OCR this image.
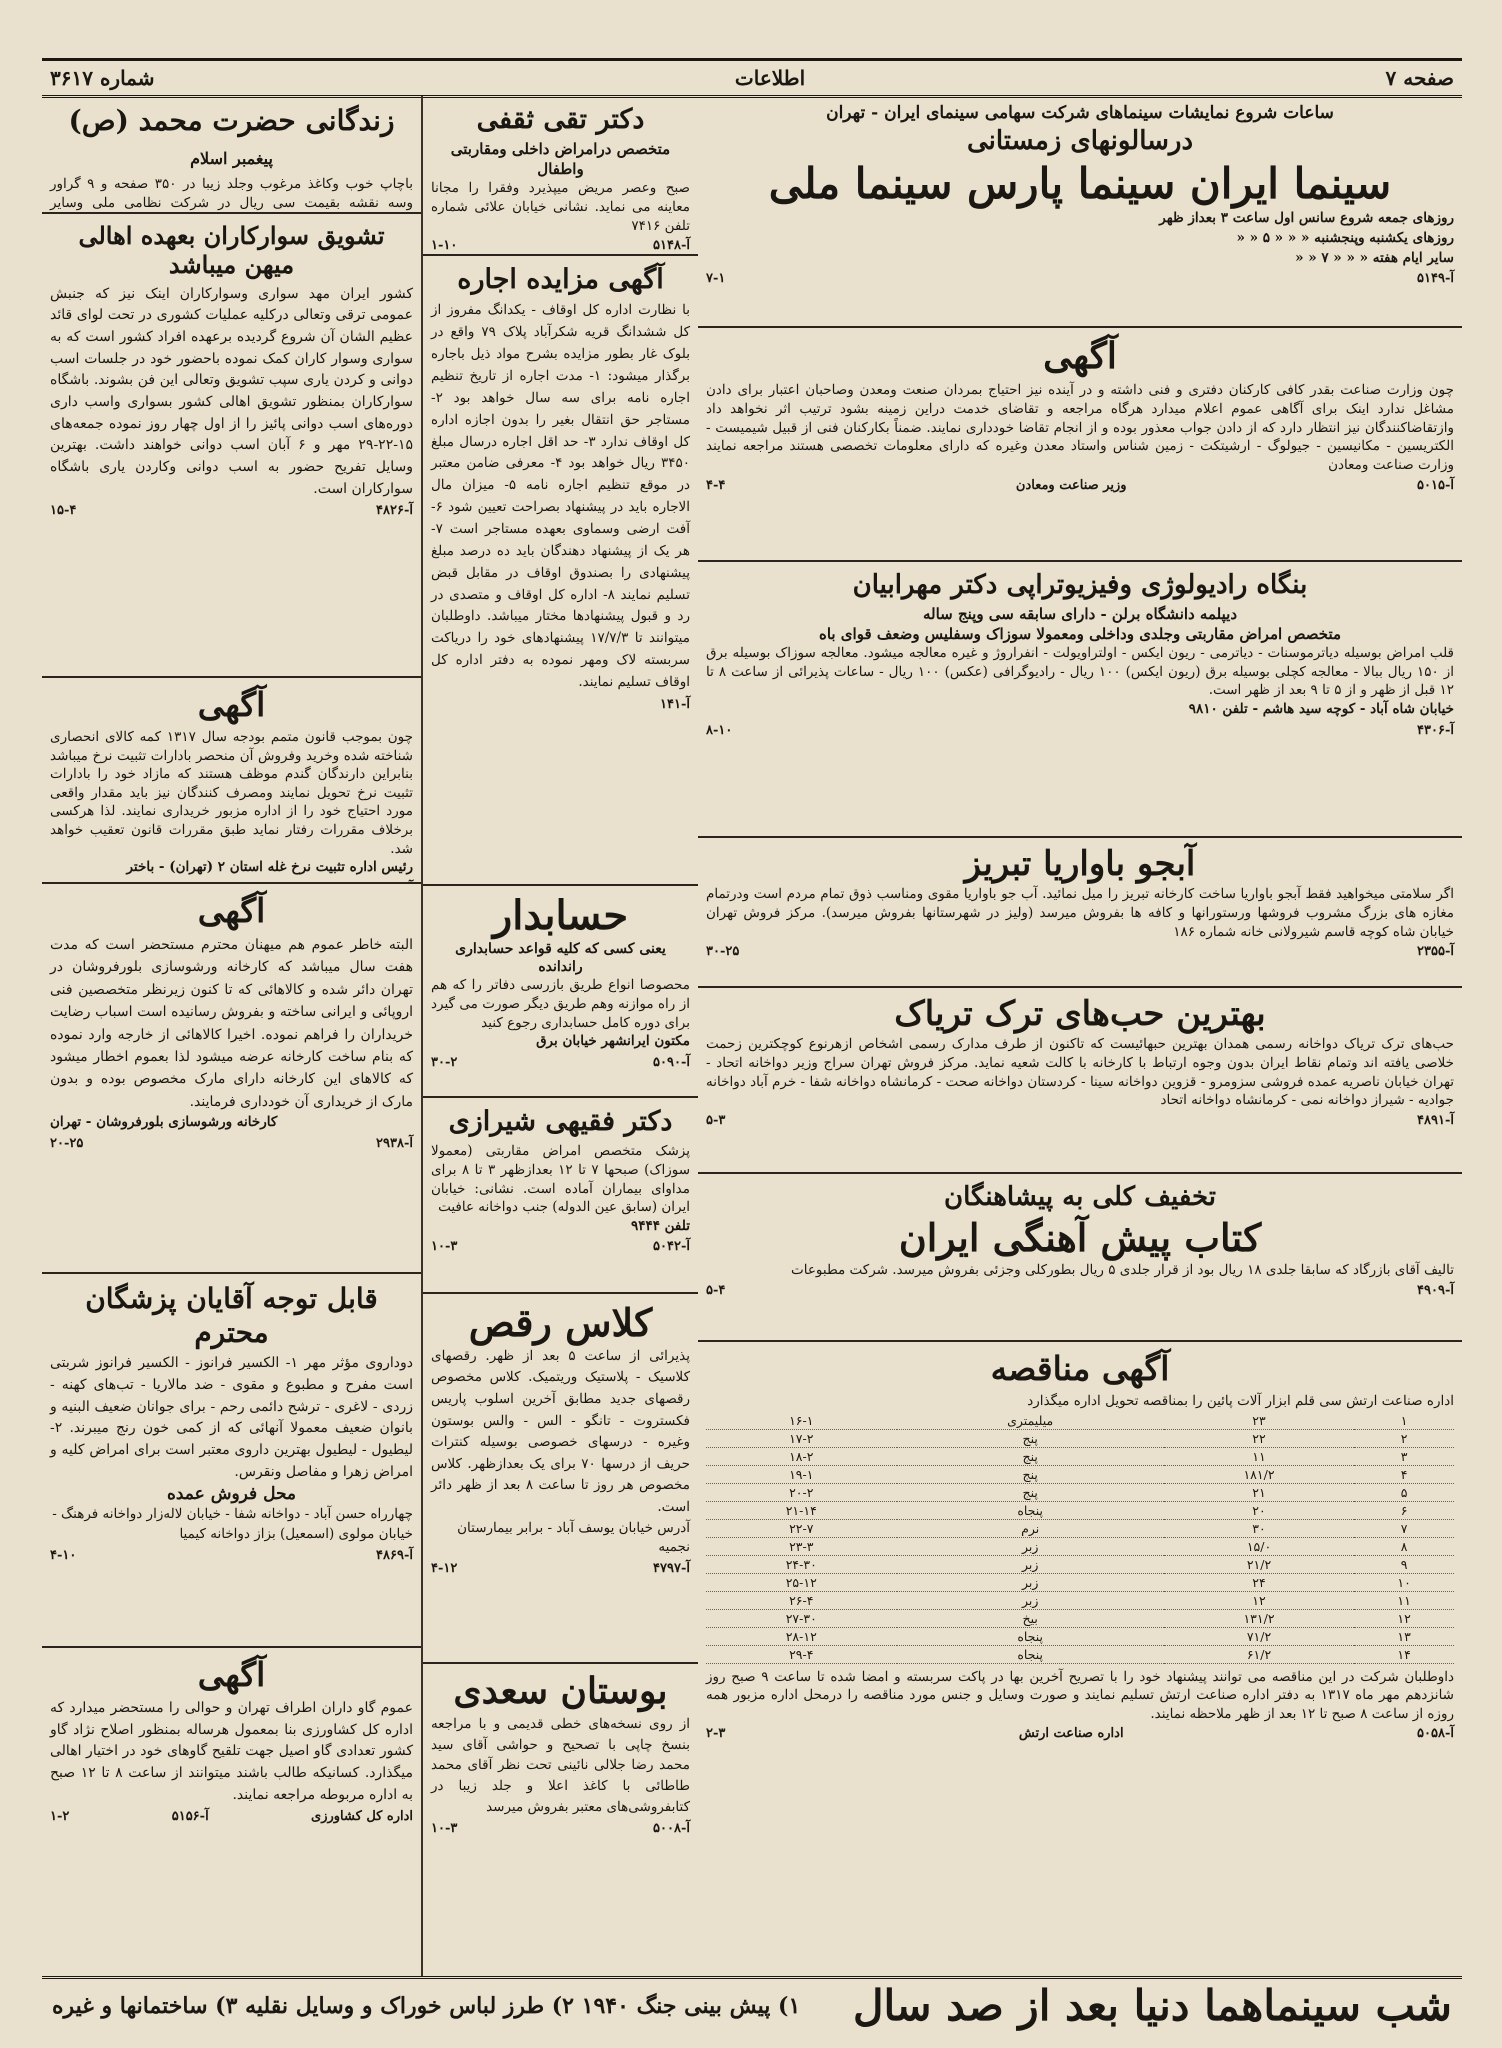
صفحه ۷
اطلاعات
شماره ۳۶۱۷
زندگانی حضرت محمد (ص) پیغمبر اسلام
باچاپ خوب وکاغذ مرغوب وجلد زیبا در ۳۵۰ صفحه و ۹ گراور وسه نقشه بقیمت سی ریال در شرکت نظامی ملی وسایر
تشویق سوارکاران بعهده اهالی میهن میباشد
کشور ایران مهد سواری وسوارکاران اینک نیز که جنبش عمومی ترقی وتعالی درکلیه عملیات کشوری در تحت لوای قائد عظیم الشان آن شروع گردیده برعهده افراد کشور است که به سواری وسوار کاران کمک نموده باحضور خود در جلسات اسب دوانی و کردن یاری سپب تشویق وتعالی این فن بشوند. باشگاه سوارکاران بمنظور تشویق اهالی کشور بسواری واسب داری دوره‌های اسب دوانی پائیز را از اول چهار روز نموده جمعه‌های ۱۵-۲۲-۲۹ مهر و ۶ آبان اسب دوانی خواهند داشت. بهترین وسایل تفریح حضور به اسب دوانی وکاردن یاری باشگاه سوارکاران است.
آ-۴۸۲۶
۱۵-۴
آگهی
چون بموجب قانون متمم بودجه سال ۱۳۱۷ کمه کالای انحصاری شناخته شده وخرید وفروش آن منحصر بادارات تثبیت نرخ میباشد بنابراین دارندگان گندم موظف هستند که مازاد خود را بادارات تثبیت نرخ تحویل نمایند ومصرف کنندگان نیز باید مقدار واقعی مورد احتیاج خود را از اداره مزبور خریداری نمایند. لذا هرکسی برخلاف مقررات رفتار نماید طبق مقررات قانون تعقیب خواهد شد.
رئیس اداره تثبیت نرخ غله استان ۲ (تهران) - باختر
آگهی
البته خاطر عموم هم میهنان محترم مستحضر است که مدت هفت سال میباشد که کارخانه ورشوسازی بلورفروشان در تهران دائر شده و کالاهائی که تا کنون زیرنظر متخصصین فنی اروپائی و ایرانی ساخته و بفروش رسانیده است اسباب رضایت خریداران را فراهم نموده. اخیرا کالاهائی از خارجه وارد نموده که بنام ساخت کارخانه عرضه میشود لذا بعموم اخطار میشود که کالاهای این کارخانه دارای مارک مخصوص بوده و بدون مارک از خریداری آن خودداری فرمایند.
کارخانه ورشوسازی بلورفروشان - تهران
آ-۲۹۳۸
۲۰-۲۵
قابل توجه آقایان پزشگان محترم
دوداروی مؤثر مهر ۱- الکسیر فرانوز - الکسیر فرانوز شربتی است مفرح و مطبوع و مقوی - ضد مالاریا - تب‌های کهنه - زردی - لاغری - ترشح دائمی رحم - برای جوانان ضعیف البنیه و بانوان ضعیف معمولا آنهائی که از کمی خون رنج میبرند. ۲- لیطیول - لیطیول بهترین داروی معتبر است برای امراض کلیه و امراض زهرا و مفاصل ونقرس.
محل فروش عمده
چهارراه حسن آباد - دواخانه شفا - خیابان لاله‌زار دواخانه فرهنگ - خیابان مولوی (اسمعیل) بزاز دواخانه کیمیا
آ-۴۸۶۹
۴-۱۰
آگهی
عموم گاو داران اطراف تهران و حوالی را مستحضر میدارد که اداره کل کشاورزی بنا بمعمول هرساله بمنظور اصلاح نژاد گاو کشور تعدادی گاو اصیل جهت تلقیح گاوهای خود در اختیار اهالی میگذارد. کسانیکه طالب باشند میتوانند از ساعت ۸ تا ۱۲ صبح به اداره مربوطه مراجعه نمایند.
اداره کل کشاورزی
آ-۵۱۵۶
۱-۲
دکتر تقی ثقفی
متخصص درامراض داخلی ومقاربتی واطفال
صبح وعصر مریض میپذیرد وفقرا را مجانا معاینه می نماید. نشانی خیابان علائی شماره تلفن ۷۴۱۶
آ-۵۱۴۸
۱-۱۰
آگهی مزایده اجاره
با نظارت اداره کل اوقاف - یکدانگ مفروز از کل ششدانگ قریه شکرآباد پلاک ۷۹ واقع در بلوک غار بطور مزایده بشرح مواد ذیل باجاره برگذار میشود: ۱- مدت اجاره از تاریخ تنظیم اجاره نامه برای سه سال خواهد بود ۲- مستاجر حق انتقال بغیر را بدون اجازه اداره کل اوقاف ندارد ۳- حد اقل اجاره درسال مبلغ ۳۴۵۰ ریال خواهد بود ۴- معرفی ضامن معتبر در موقع تنظیم اجاره نامه ۵- میزان مال الاجاره باید در پیشنهاد بصراحت تعیین شود ۶- آفت ارضی وسماوی بعهده مستاجر است ۷- هر یک از پیشنهاد دهندگان باید ده درصد مبلغ پیشنهادی را بصندوق اوقاف در مقابل قبض تسلیم نمایند ۸- اداره کل اوقاف و متصدی در رد و قبول پیشنهادها مختار میباشد. داوطلبان میتوانند تا ۱۷/۷/۳ پیشنهادهای خود را دریاکت سربسته لاک ومهر نموده به دفتر اداره کل اوقاف تسلیم نمایند.
آ-۱۴۱
حسابدار
یعنی کسی که کلیه قواعد حسابداری راندانده
محصوصا انواع طریق بازرسی دفاتر را که هم از راه موازنه وهم طریق دیگر صورت می گیرد برای دوره کامل حسابداری رجوع کنید
مکتون ایرانشهر خیابان برق
آ-۵۰۹۰
۳۰-۲
دکتر فقیهی شیرازی
پزشک متخصص امراض مقاربتی (معمولا سوزاک) صبحها ۷ تا ۱۲ بعدازظهر ۳ تا ۸ برای مداوای بیماران آماده است. نشانی: خیابان ایران (سابق عین الدوله) جنب دواخانه عافیت
تلفن ۹۴۴۴
آ-۵۰۴۲
۱۰-۳
کلاس رقص
پذیرائی از ساعت ۵ بعد از ظهر. رقصهای کلاسیک - پلاستیک وریتمیک. کلاس مخصوص رقصهای جدید مطابق آخرین اسلوب پاریس فکستروت - تانگو - الس - والس بوستون وغیره - درسهای خصوصی بوسیله کنترات حریف از درسها ۷۰ برای یک بعدازظهر. کلاس مخصوص هر روز تا ساعت ۸ بعد از ظهر دائر است.
آدرس خیابان یوسف آباد - برابر بیمارستان نجمیه
آ-۴۷۹۷
۴-۱۲
بوستان سعدی
از روی نسخه‌های خطی قدیمی و با مراجعه بنسخ چاپی با تصحیح و حواشی آقای سید محمد رضا جلالی نائینی تحت نظر آقای محمد طاطائی با کاغذ اعلا و جلد زیبا در کتابفروشی‌های معتبر بفروش میرسد
آ-۵۰۰۸
۱۰-۳
ساعات شروع نمایشات سینماهای شرکت سهامی سینمای ایران - تهران
درسالونهای زمستانی
سینما ایران سینما پارس سینما ملی
روزهای جمعه شروع سانس اول ساعت ۳ بعداز ظهر
روزهای یکشنبه وپنجشنبه « « « ۵ « «
سایر ایام هفته « « « ۷ « «
آ-۵۱۴۹
۷-۱
آگهی
چون وزارت صناعت بقدر کافی کارکنان دفتری و فنی داشته و در آینده نیز احتیاج بمردان صنعت ومعدن وصاحبان اعتبار برای دادن مشاغل ندارد اینک برای آگاهی عموم اعلام میدارد هرگاه مراجعه و تقاضای خدمت دراین زمینه بشود ترتیب اثر نخواهد داد وازتقاضاکنندگان نیز انتظار دارد که از دادن جواب معذور بوده و از انجام تقاضا خودداری نمایند. ضمناً بکارکنان فنی از قبیل شیمیست - الکتریسین - مکانیسین - جیولوگ - ارشیتکت - زمین شناس واستاد معدن وغیره که دارای معلومات تخصصی هستند مراجعه نمایند وزارت صناعت ومعادن
آ-۵۰۱۵
وزیر صناعت ومعادن
۴-۴
بنگاه رادیولوژی وفیزیوتراپی دکتر مهرابیان
دیپلمه دانشگاه برلن - دارای سابقه سی وپنج ساله
متخصص امراض مقاربتی وجلدی وداخلی ومعمولا سوزاک وسفلیس وضعف قوای باه
قلب امراض بوسیله دیاترموسنات - دیاترمی - ریون ایکس - اولتراویولت - انفراروژ و غیره معالجه میشود. معالجه سوزاک بوسیله برق از ۱۵۰ ریال ببالا - معالجه کچلی بوسیله برق (ریون ایکس) ۱۰۰ ریال - رادیوگرافی (عکس) ۱۰۰ ریال - ساعات پذیرائی از ساعت ۸ تا ۱۲ قبل از ظهر و از ۵ تا ۹ بعد از ظهر است.
خیابان شاه آباد - کوچه سید هاشم - تلفن ۹۸۱۰
آ-۴۳۰۶
۸-۱۰
آبجو باواریا تبریز
اگر سلامتی میخواهید فقط آبجو باواریا ساخت کارخانه تبریز را میل نمائید. آب جو باواریا مقوی ومناسب ذوق تمام مردم است ودرتمام مغازه های بزرگ مشروب فروشها ورستورانها و کافه ها بفروش میرسد (ولیز در شهرستانها بفروش میرسد). مرکز فروش تهران خیابان شاه کوچه قاسم شیرولانی خانه شماره ۱۸۶
آ-۲۳۵۵
۳۰-۲۵
بهترین حب‌های ترک تریاک
حب‌های ترک تریاک دواخانه رسمی همدان بهترین حبهائیست که تاکنون از طرف مدارک رسمی اشخاص ازهرنوع کوچکترین زحمت خلاصی یافته اند وتمام نقاط ایران بدون وجوه ارتباط با کارخانه با کالت شعیه نماید. مرکز فروش تهران سراج وزیر دواخانه اتحاد - تهران خیابان ناصریه عمده فروشی سزومرو - قزوین دواخانه سینا - کردستان دواخانه صحت - کرمانشاه دواخانه شفا - خرم آباد دواخانه جوادیه - شیراز دواخانه نمی - کرمانشاه دواخانه اتحاد
آ-۴۸۹۱
۵-۳
تخفیف کلی به پیشاهنگان
کتاب پیش آهنگی ایران
تالیف آقای بازرگاد که سابقا جلدی ۱۸ ریال بود از قرار جلدی ۵ ریال بطورکلی وجزئی بفروش میرسد. شرکت مطبوعات
آ-۴۹۰۹
۵-۴
آگهی مناقصه
اداره صناعت ارتش سی قلم ابزار آلات پائین را بمناقصه تحویل اداره میگذارد
۱	۲۳	میلیمتری	۱۶-۱
۲	۲۲	پنج	۱۷-۲
۳	۱۱	پنج	۱۸-۲
۴	۱۸۱/۲	پنج	۱۹-۱
۵	۲۱	پنج	۲۰-۲
۶	۲۰	پنجاه	۲۱-۱۴
۷	۳۰	نرم	۲۲-۷
۸	۱۵/۰	زبر	۲۳-۳
۹	۲۱/۲	زبر	۲۴-۳۰
۱۰	۲۴	زبر	۲۵-۱۲
۱۱	۱۲	زبر	۲۶-۴
۱۲	۱۳۱/۲	بیخ	۲۷-۳۰
۱۳	۷۱/۲	پنجاه	۲۸-۱۲
۱۴	۶۱/۲	پنجاه	۲۹-۴
داوطلبان شرکت در این مناقصه می توانند پیشنهاد خود را با تصریح آخرین بها در پاکت سربسته و امضا شده تا ساعت ۹ صبح روز شانزدهم مهر ماه ۱۳۱۷ به دفتر اداره صناعت ارتش تسلیم نمایند و صورت وسایل و جنس مورد مناقصه را درمحل اداره مزبور همه روزه از ساعت ۸ صبح تا ۱۲ بعد از ظهر ملاحظه نمایند.
آ-۵۰۵۸
اداره صناعت ارتش
۲-۳
شب سینماهما دنیا بعد از صد سال
۱) پیش بینی جنگ ۱۹۴۰ ۲) طرز لباس خوراک و وسایل نقلیه ۳) ساختمانها و غیره
